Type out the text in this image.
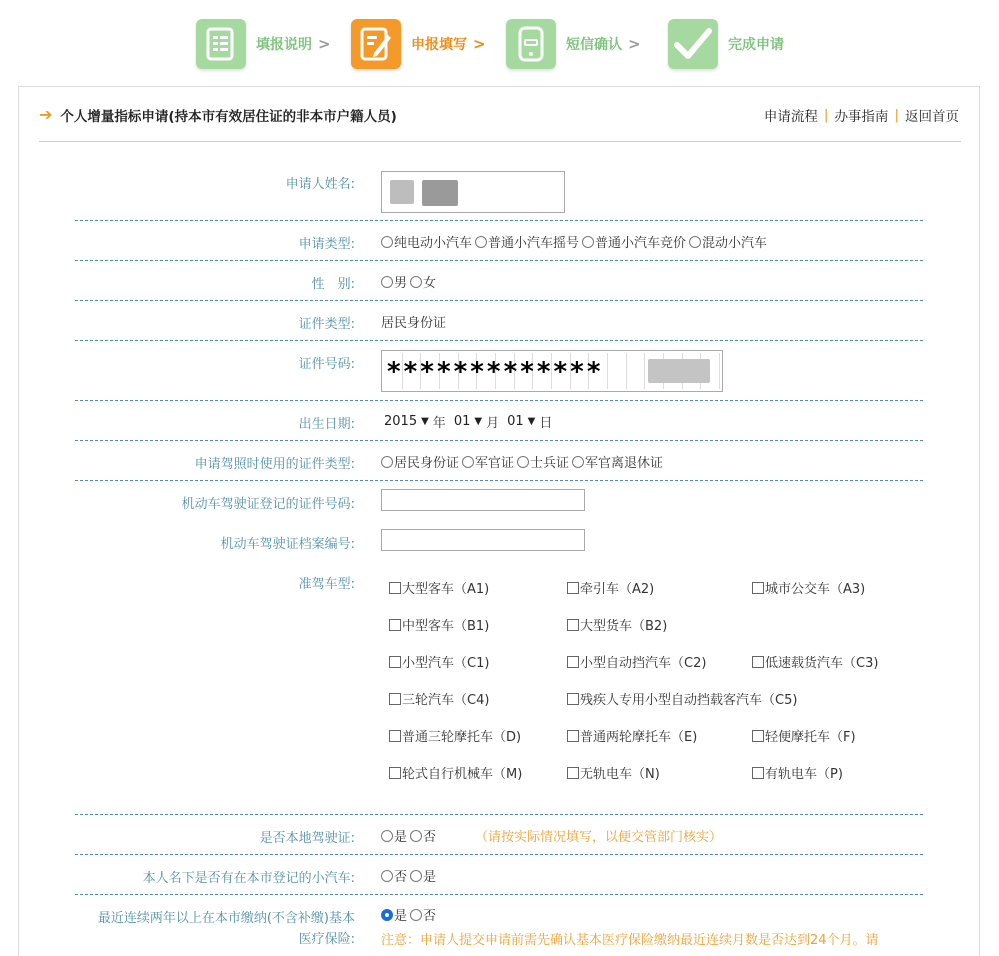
填报说明 >	申报填写 >	短信确认 >	完成申请
➔ 个人增量指标申请(持本市有效居住证的非本市户籍人员)	申请流程 | 办事指南 | 返回首页
申请人姓名:
申请类型:	纯电动小汽车 普通小汽车摇号 普通小汽车竞价 混动小汽车
性　别:	男 女
证件类型: 居民身份证
证件号码: *************
出生日期: 2015 ▼ 年 01 ▼ 月 01 ▼ 日
申请驾照时使用的证件类型:	居民身份证 军官证 士兵证 军官离退休证
机动车驾驶证登记的证件号码:
机动车驾驶证档案编号:
准驾车型:	大型客车（A1)	牵引车（A2)	城市公交车（A3)
中型客车（B1)	大型货车（B2)
小型汽车（C1)	小型自动挡汽车（C2)	低速载货汽车（C3)
三轮汽车（C4)	残疾人专用小型自动挡载客汽车（C5)
普通三轮摩托车（D)	普通两轮摩托车（E)	轻便摩托车（F)
轮式自行机械车（M)	无轨电车（N)	有轨电车（P)
是否本地驾驶证:	是 否	（请按实际情况填写，以便交管部门核实）
本人名下是否有在本市登记的小汽车:	否 是
最近连续两年以上在本市缴纳(不含补缴)基本
医疗保险:
是 否
注意：申请人提交申请前需先确认基本医疗保险缴纳最近连续月数是否达到24个月。请
